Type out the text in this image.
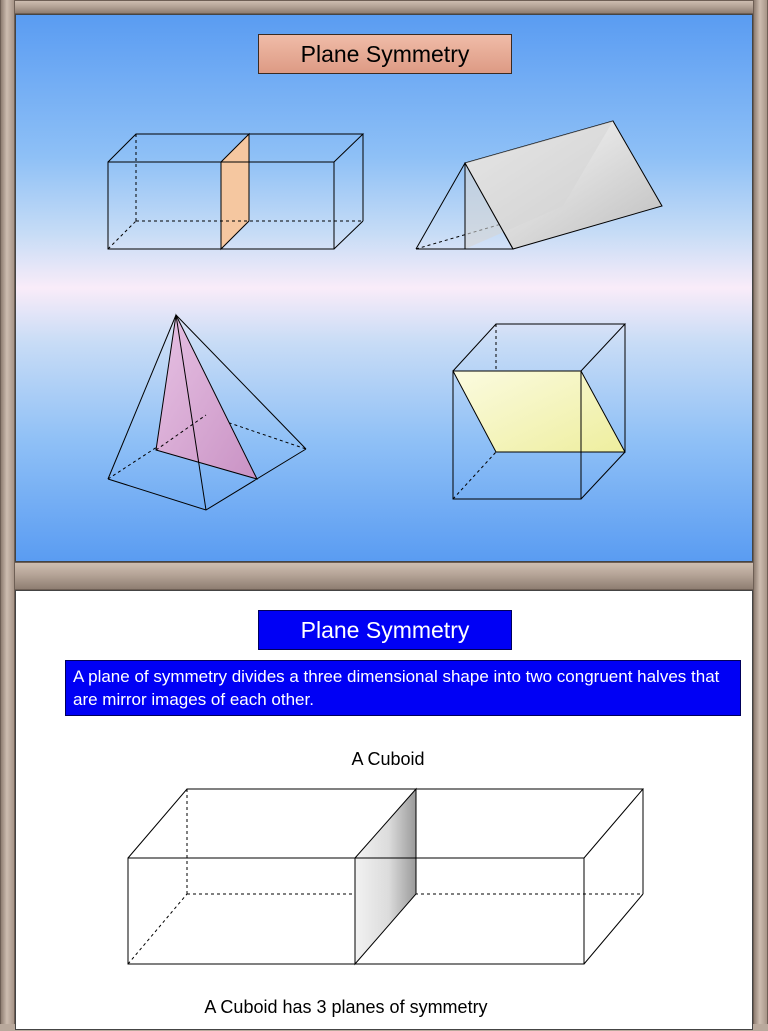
Plane Symmetry
Plane Symmetry
A plane of symmetry divides a three dimensional shape into two congruent halves that are mirror images of each other.
A Cuboid
A Cuboid has 3 planes of symmetry
